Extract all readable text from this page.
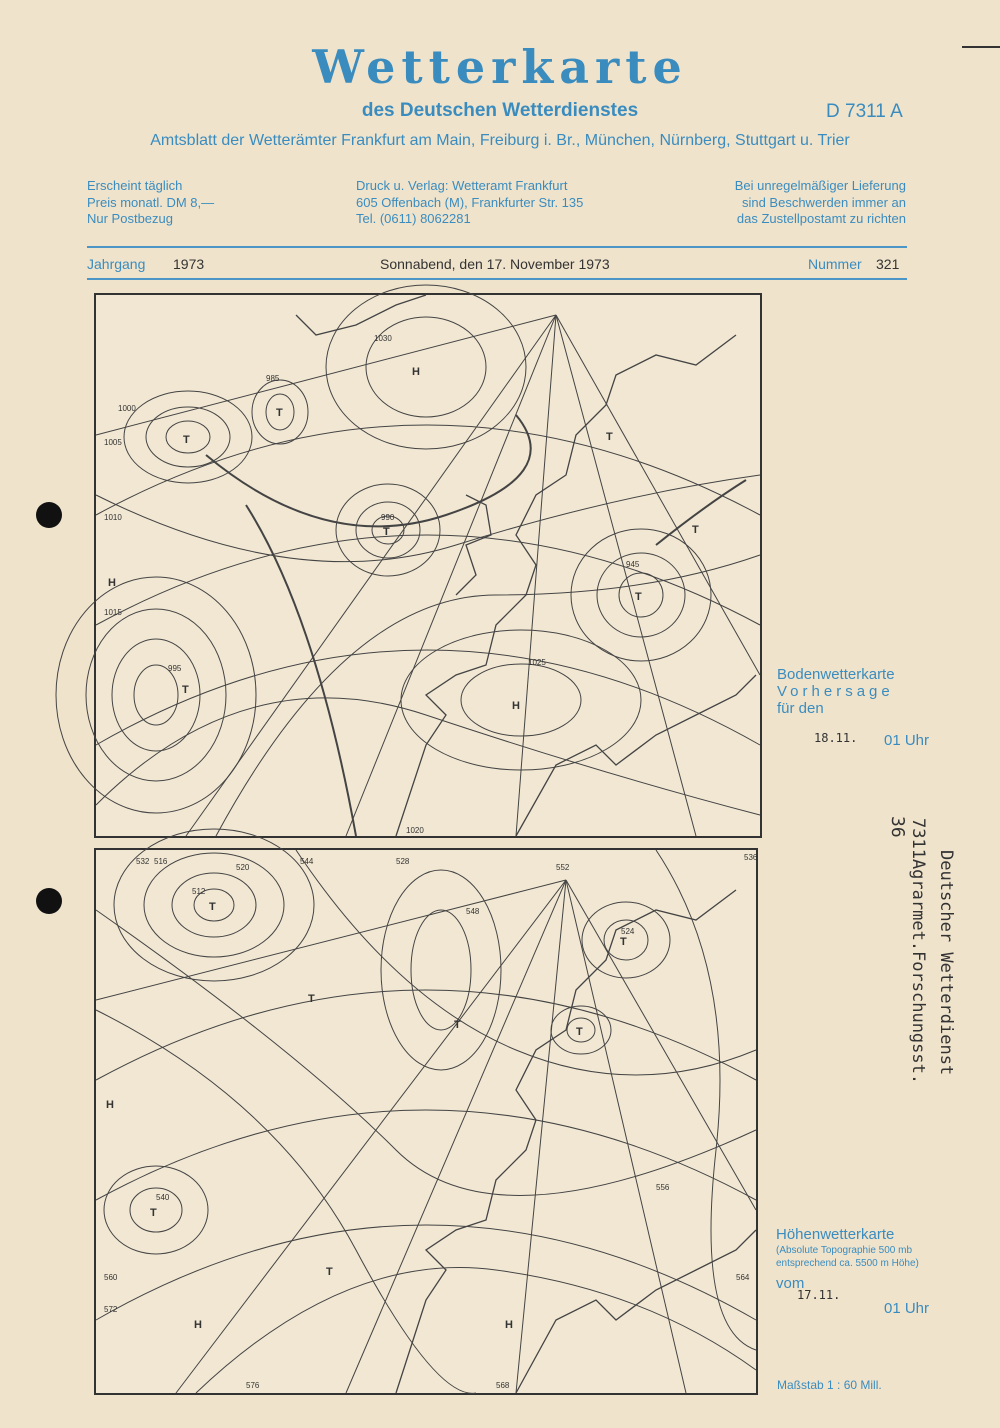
Wetterkarte
des Deutschen Wetterdienstes	D 7311 A
Amtsblatt der Wetterämter Frankfurt am Main, Freiburg i. Br., München, Nürnberg, Stuttgart u. Trier
Erscheint täglich
Preis monatl. DM 8,—
Nur Postbezug
Druck u. Verlag: Wetteramt Frankfurt
605 Offenbach (M), Frankfurter Str. 135
Tel. (0611) 8062281
Bei unregelmäßiger Lieferung
sind Beschwerden immer an
das Zustellpostamt zu richten
Jahrgang 1973	Sonnabend, den 17. November 1973	Nummer 321
T
T
T
T
T
T
T
H
H
H
1000
1005
1010
1015
1020
1025
1030
945
995
985
990
Bodenwetterkarte
Vorhersage
für den
18.11. 01 Uhr
T
T
T
T
T
T
T
H
H	H
512
516
520
524
528
532	536
540
544
548
552
556
560	564
568
572
576
Höhenwetterkarte
(Absolute Topographie 500 mb
entsprechend ca. 5500 m Höhe)
vom
17.11.
01 Uhr
Maßstab 1 : 60 Mill.
36
Deutscher Wetterdienst
7311Agrarmet.Forschungsst.
